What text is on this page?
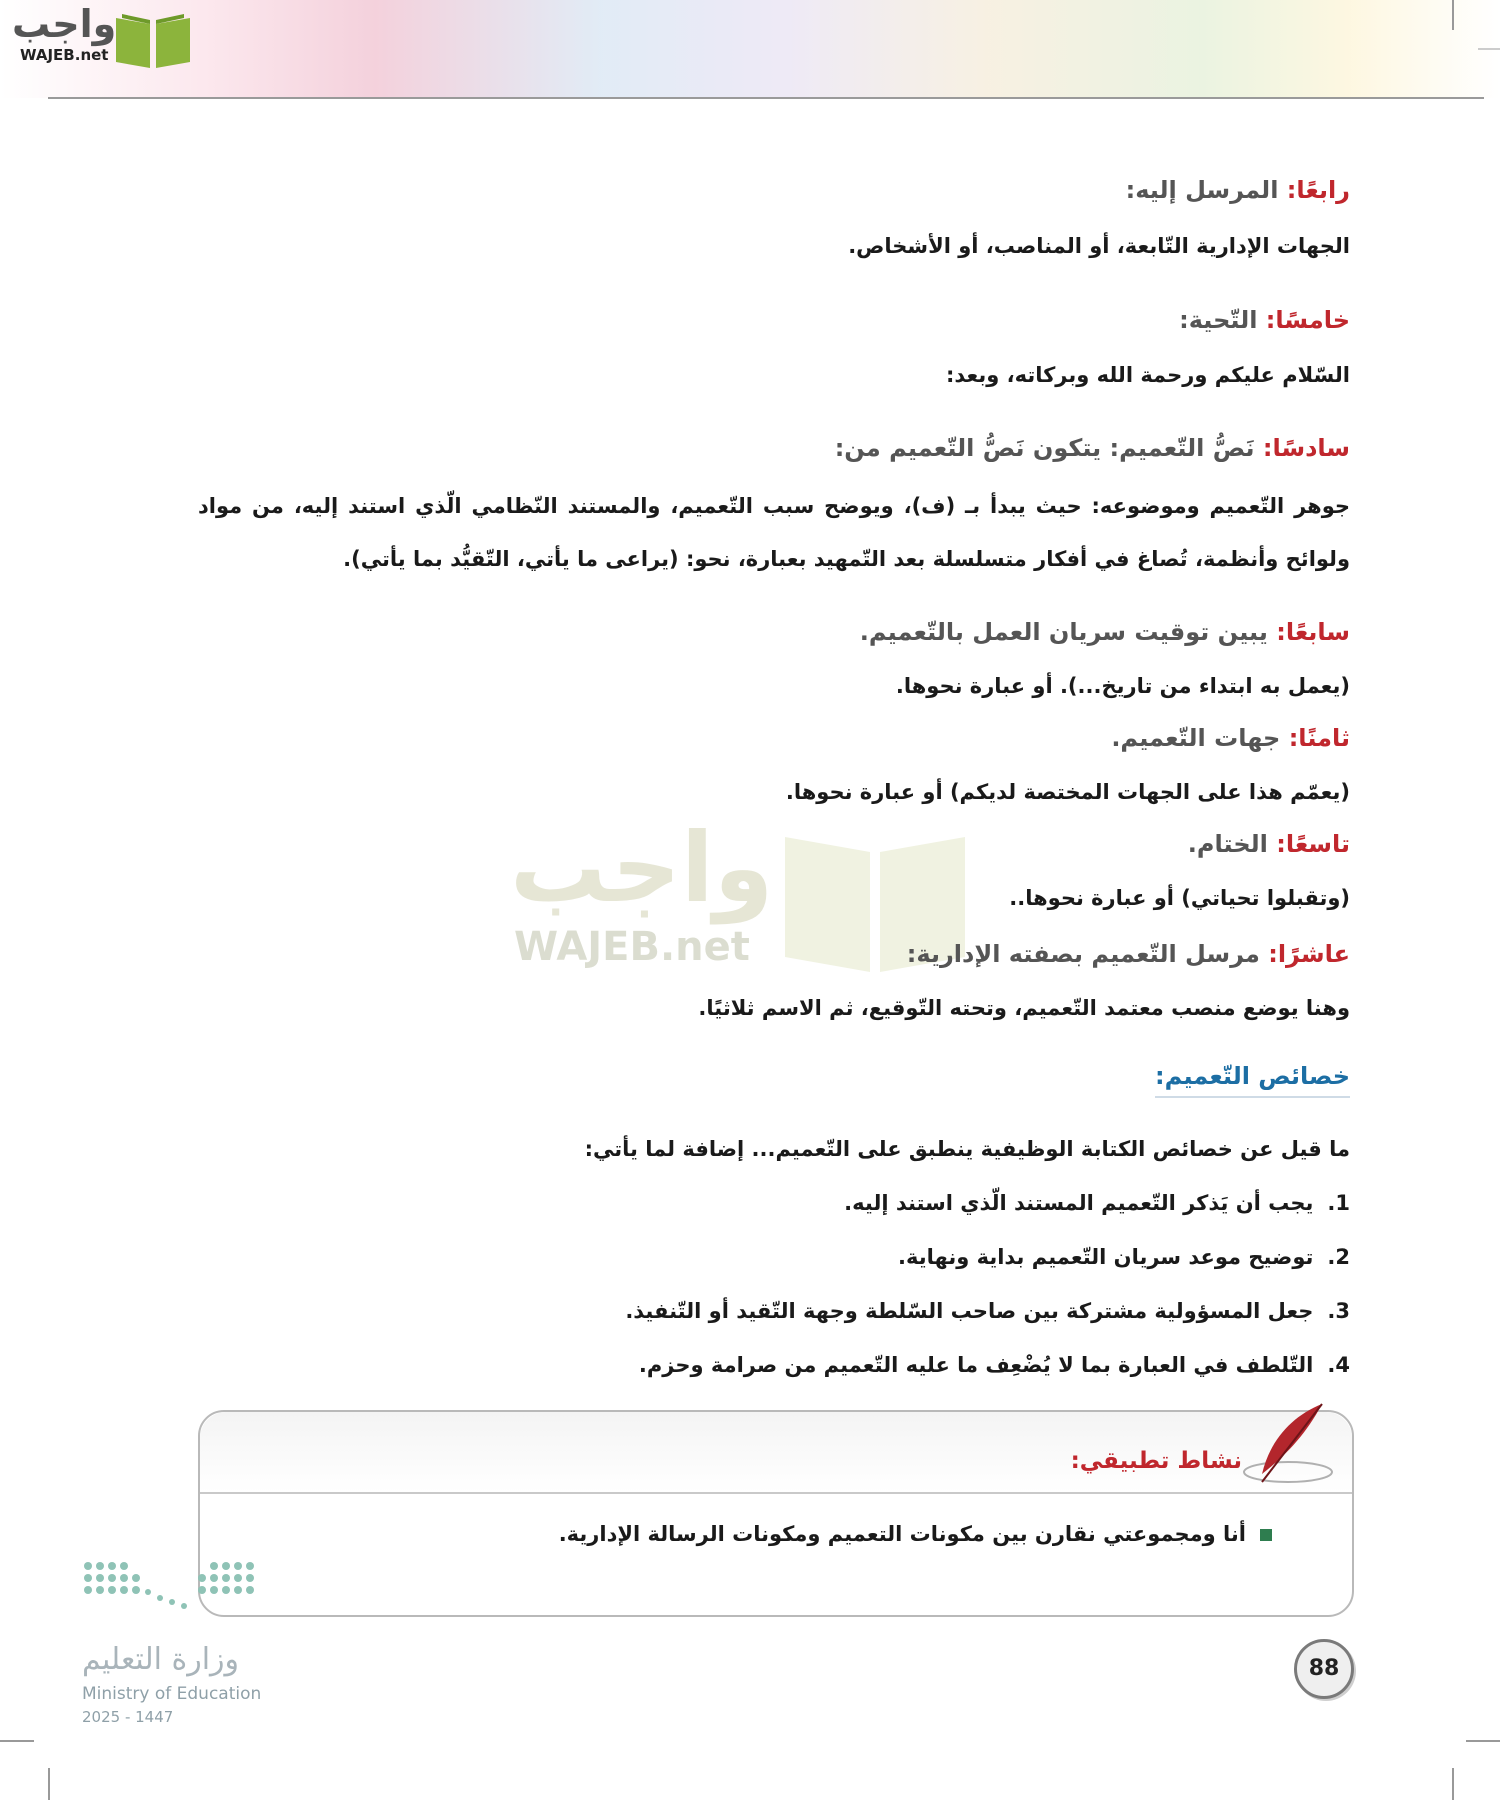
واجب
WAJEB.net
واجب
WAJEB.net
رابعًا: المرسل إليه:
الجهات الإدارية التّابعة، أو المناصب، أو الأشخاص.
خامسًا: التّحية:
السّلام عليكم ورحمة الله وبركاته، وبعد:
سادسًا: نَصُّ التّعميم: يتكون نَصُّ التّعميم من:
جوهر التّعميم وموضوعه: حيث يبدأ بـ (ف)، ويوضح سبب التّعميم، والمستند النّظامي الّذي استند إليه، من مواد
ولوائح وأنظمة، تُصاغ في أفكار متسلسلة بعد التّمهيد بعبارة، نحو: (يراعى ما يأتي، التّقيُّد بما يأتي).
سابعًا: يبين توقيت سريان العمل بالتّعميم.
(يعمل به ابتداء من تاريخ...). أو عبارة نحوها.
ثامنًا: جهات التّعميم.
(يعمّم هذا على الجهات المختصة لديكم) أو عبارة نحوها.
تاسعًا: الختام.
(وتقبلوا تحياتي) أو عبارة نحوها..
عاشرًا: مرسل التّعميم بصفته الإدارية:
وهنا يوضع منصب معتمد التّعميم، وتحته التّوقيع، ثم الاسم ثلاثيًا.
خصائص التّعميم:
ما قيل عن خصائص الكتابة الوظيفية ينطبق على التّعميم... إضافة لما يأتي:
1.يجب أن يَذكر التّعميم المستند الّذي استند إليه.
2.توضيح موعد سريان التّعميم بداية ونهاية.
3.جعل المسؤولية مشتركة بين صاحب السّلطة وجهة التّقيد أو التّنفيذ.
4.التّلطف في العبارة بما لا يُضْعِف ما عليه التّعميم من صرامة وحزم.
نشاط تطبيقي:
أنا ومجموعتي نقارن بين مكونات التعميم ومكونات الرسالة الإدارية.
وزارة التعليم
Ministry of Education
2025 - 1447
88
